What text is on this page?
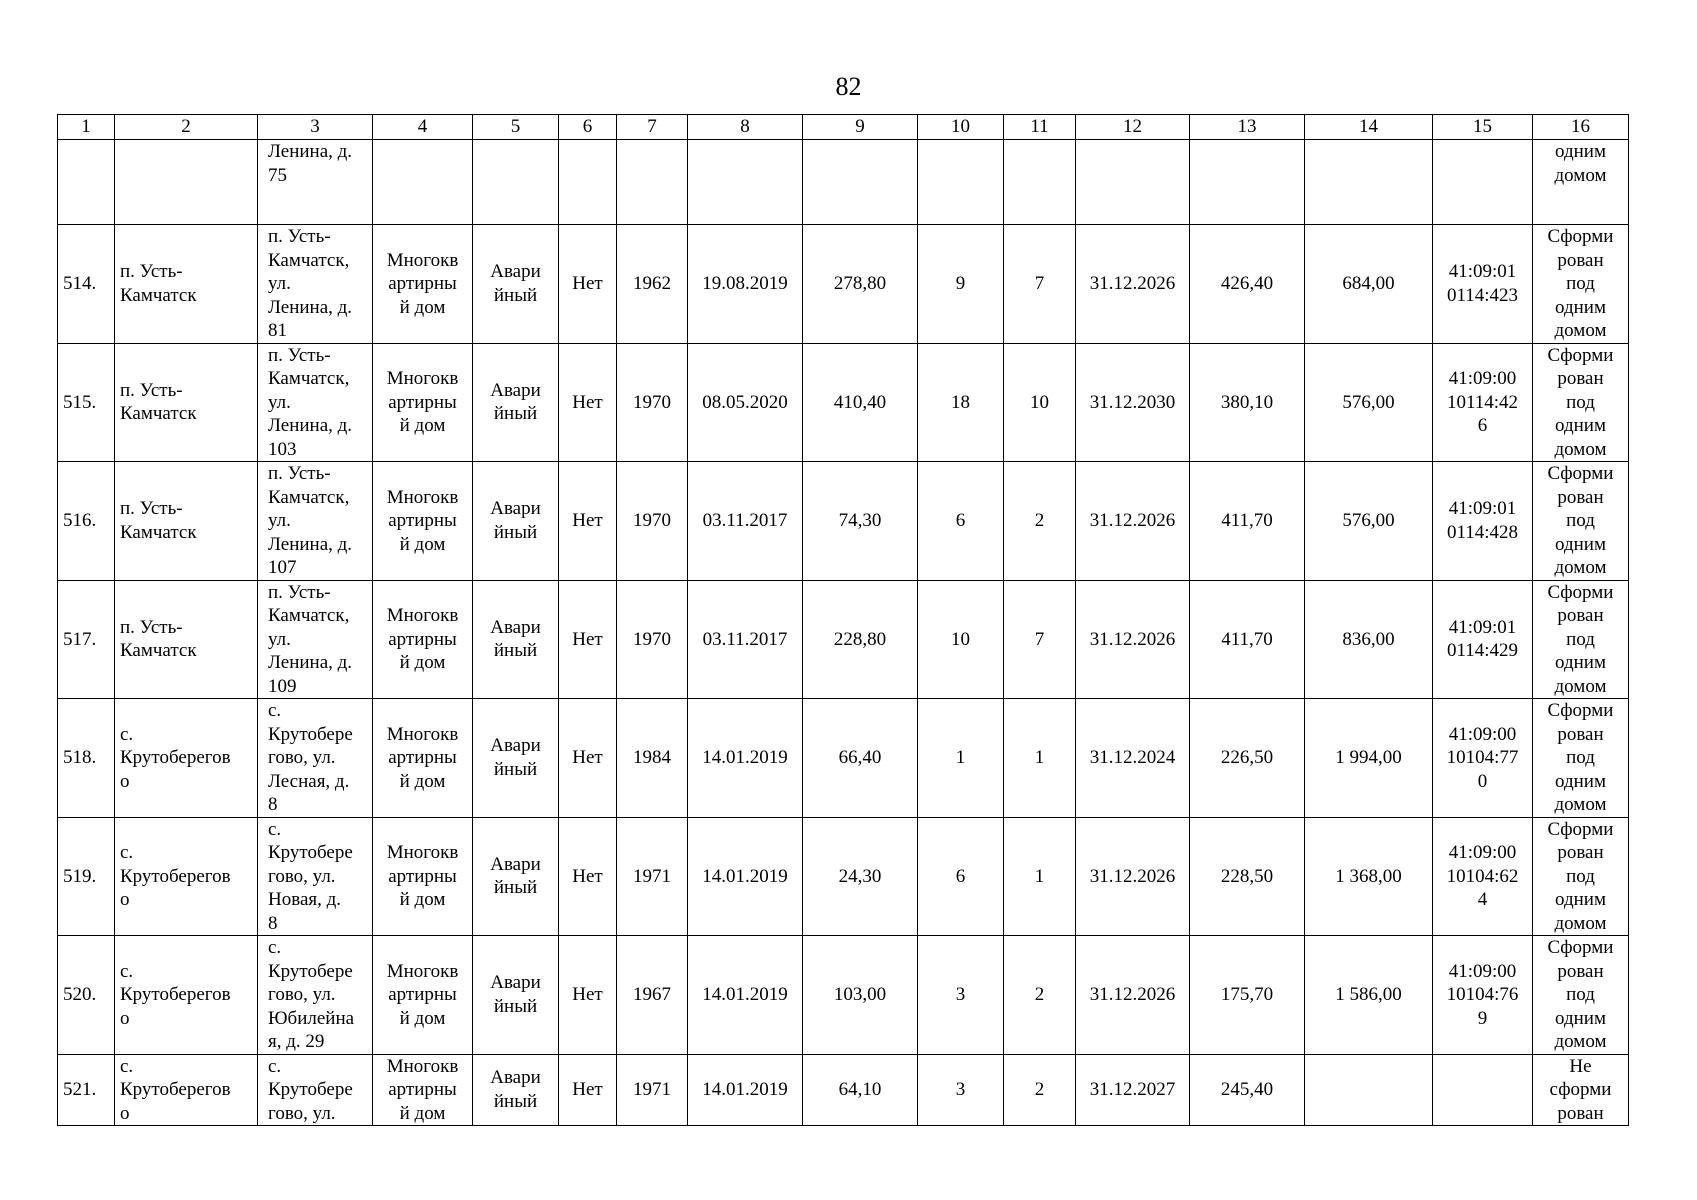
82
1	2	3	4	5	6	7	8	9	10	11	12	13	14	15	16
		Ленина, д.
75													одним
домом
514.	п. Усть-
Камчатск	п. Усть-
Камчатск,
ул.
Ленина, д.
81	Многокв
артирны
й дом	Авари
йный	Нет	1962	19.08.2019	278,80	9	7	31.12.2026	426,40	684,00	41:09:01
0114:423	Сформи
рован
под
одним
домом
515.	п. Усть-
Камчатск	п. Усть-
Камчатск,
ул.
Ленина, д.
103	Многокв
артирны
й дом	Авари
йный	Нет	1970	08.05.2020	410,40	18	10	31.12.2030	380,10	576,00	41:09:00
10114:42
6	Сформи
рован
под
одним
домом
516.	п. Усть-
Камчатск	п. Усть-
Камчатск,
ул.
Ленина, д.
107	Многокв
артирны
й дом	Авари
йный	Нет	1970	03.11.2017	74,30	6	2	31.12.2026	411,70	576,00	41:09:01
0114:428	Сформи
рован
под
одним
домом
517.	п. Усть-
Камчатск	п. Усть-
Камчатск,
ул.
Ленина, д.
109	Многокв
артирны
й дом	Авари
йный	Нет	1970	03.11.2017	228,80	10	7	31.12.2026	411,70	836,00	41:09:01
0114:429	Сформи
рован
под
одним
домом
518.	с.
Крутоберегов
о	с.
Крутобере
гово, ул.
Лесная, д.
8	Многокв
артирны
й дом	Авари
йный	Нет	1984	14.01.2019	66,40	1	1	31.12.2024	226,50	1 994,00	41:09:00
10104:77
0	Сформи
рован
под
одним
домом
519.	с.
Крутоберегов
о	с.
Крутобере
гово, ул.
Новая, д.
8	Многокв
артирны
й дом	Авари
йный	Нет	1971	14.01.2019	24,30	6	1	31.12.2026	228,50	1 368,00	41:09:00
10104:62
4	Сформи
рован
под
одним
домом
520.	с.
Крутоберегов
о	с.
Крутобере
гово, ул.
Юбилейна
я, д. 29	Многокв
артирны
й дом	Авари
йный	Нет	1967	14.01.2019	103,00	3	2	31.12.2026	175,70	1 586,00	41:09:00
10104:76
9	Сформи
рован
под
одним
домом
521.	с.
Крутоберегов
о	с.
Крутобере
гово, ул.	Многокв
артирны
й дом	Авари
йный	Нет	1971	14.01.2019	64,10	3	2	31.12.2027	245,40			Не
сформи
рован
